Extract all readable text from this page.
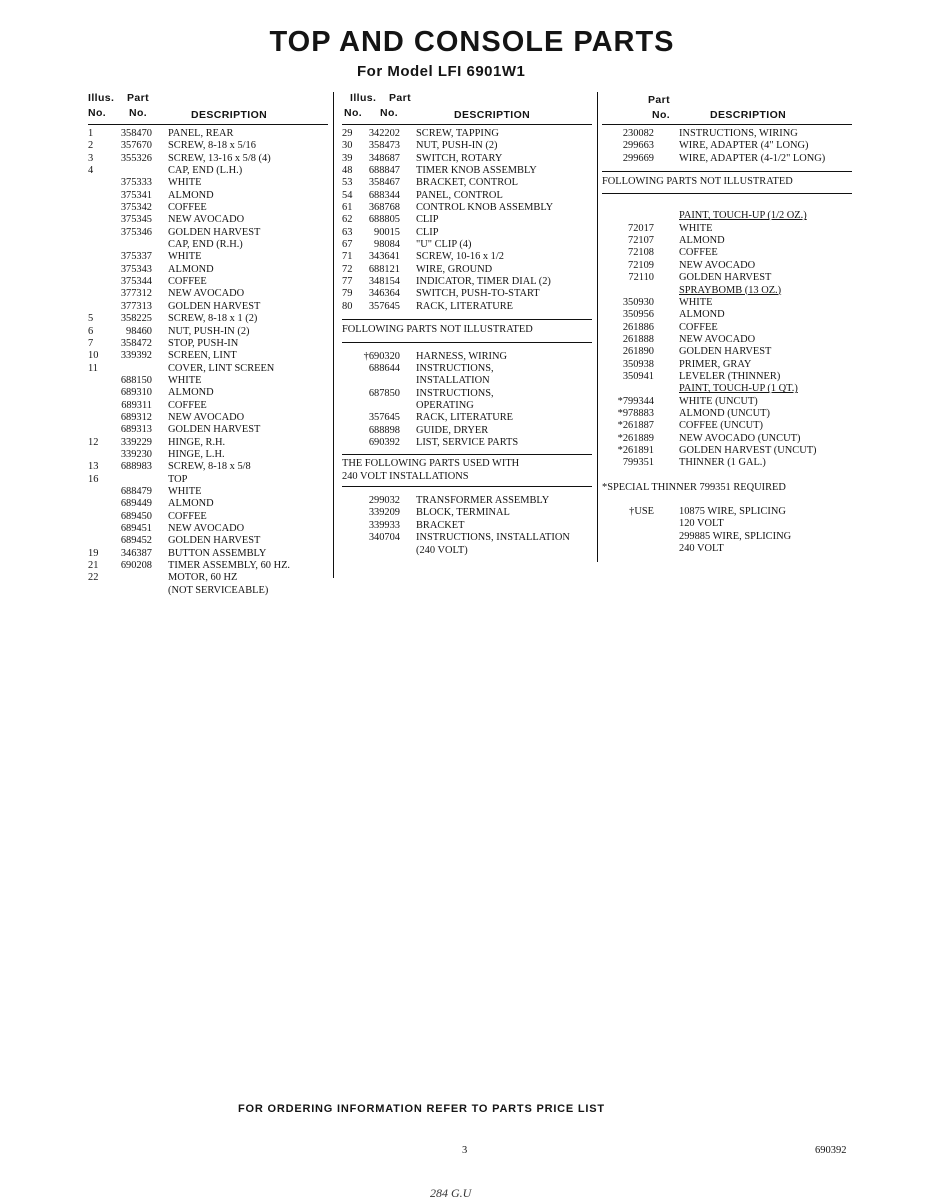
TOP AND CONSOLE PARTS
For Model LFI 6901W1
Illus.
No.
Part
No.	DESCRIPTION
1	358470 PANEL, REAR
2	357670 SCREW, 8-18 x 5/16
3	355326 SCREW, 13-16 x 5/8 (4)
4	CAP, END (L.H.)
375333 WHITE
375341 ALMOND
375342 COFFEE
375345 NEW AVOCADO
375346 GOLDEN HARVEST
CAP, END (R.H.)
375337 WHITE
375343 ALMOND
375344 COFFEE
377312 NEW AVOCADO
377313 GOLDEN HARVEST
5	358225 SCREW, 8-18 x 1 (2)
6	98460 NUT, PUSH-IN (2)
7	358472 STOP, PUSH-IN
10	339392 SCREEN, LINT
11	COVER, LINT SCREEN
688150 WHITE
689310 ALMOND
689311 COFFEE
689312 NEW AVOCADO
689313 GOLDEN HARVEST
12	339229 HINGE, R.H.
339230 HINGE, L.H.
13	688983 SCREW, 8-18 x 5/8
16	TOP
688479 WHITE
689449 ALMOND
689450 COFFEE
689451 NEW AVOCADO
689452 GOLDEN HARVEST
19	346387 BUTTON ASSEMBLY
21	690208 TIMER ASSEMBLY, 60 HZ.
22	MOTOR, 60 HZ
(NOT SERVICEABLE)
Illus.
No.
Part
No.	DESCRIPTION
29	342202 SCREW, TAPPING
30	358473 NUT, PUSH-IN (2)
39	348687 SWITCH, ROTARY
48	688847 TIMER KNOB ASSEMBLY
53	358467 BRACKET, CONTROL
54	688344 PANEL, CONTROL
61	368768 CONTROL KNOB ASSEMBLY
62	688805 CLIP
63	90015 CLIP
67	98084 "U" CLIP (4)
71	343641 SCREW, 10-16 x 1/2
72	688121 WIRE, GROUND
77	348154 INDICATOR, TIMER DIAL (2)
79	346364 SWITCH, PUSH-TO-START
80	357645 RACK, LITERATURE
FOLLOWING PARTS NOT ILLUSTRATED
†690320 HARNESS, WIRING
688644 INSTRUCTIONS,
INSTALLATION
687850 INSTRUCTIONS,
OPERATING
357645 RACK, LITERATURE
688898 GUIDE, DRYER
690392 LIST, SERVICE PARTS
THE FOLLOWING PARTS USED WITH
240 VOLT INSTALLATIONS
299032 TRANSFORMER ASSEMBLY
339209 BLOCK, TERMINAL
339933 BRACKET
340704 INSTRUCTIONS, INSTALLATION
(240 VOLT)
Part
No.	DESCRIPTION
230082 INSTRUCTIONS, WIRING
299663 WIRE, ADAPTER (4" LONG)
299669 WIRE, ADAPTER (4-1/2" LONG)
FOLLOWING PARTS NOT ILLUSTRATED
PAINT, TOUCH-UP (1/2 OZ.)
72017 WHITE
72107 ALMOND
72108 COFFEE
72109 NEW AVOCADO
72110 GOLDEN HARVEST
SPRAYBOMB (13 OZ.)
350930 WHITE
350956 ALMOND
261886 COFFEE
261888 NEW AVOCADO
261890 GOLDEN HARVEST
350938 PRIMER, GRAY
350941 LEVELER (THINNER)
PAINT, TOUCH-UP (1 QT.)
*799344 WHITE (UNCUT)
*978883 ALMOND (UNCUT)
*261887 COFFEE (UNCUT)
*261889 NEW AVOCADO (UNCUT)
*261891 GOLDEN HARVEST (UNCUT)
799351 THINNER (1 GAL.)
*SPECIAL THINNER 799351 REQUIRED
†USE 10875 WIRE, SPLICING
120 VOLT
299885 WIRE, SPLICING
240 VOLT
FOR ORDERING INFORMATION REFER TO PARTS PRICE LIST
3	690392
284 G.U
